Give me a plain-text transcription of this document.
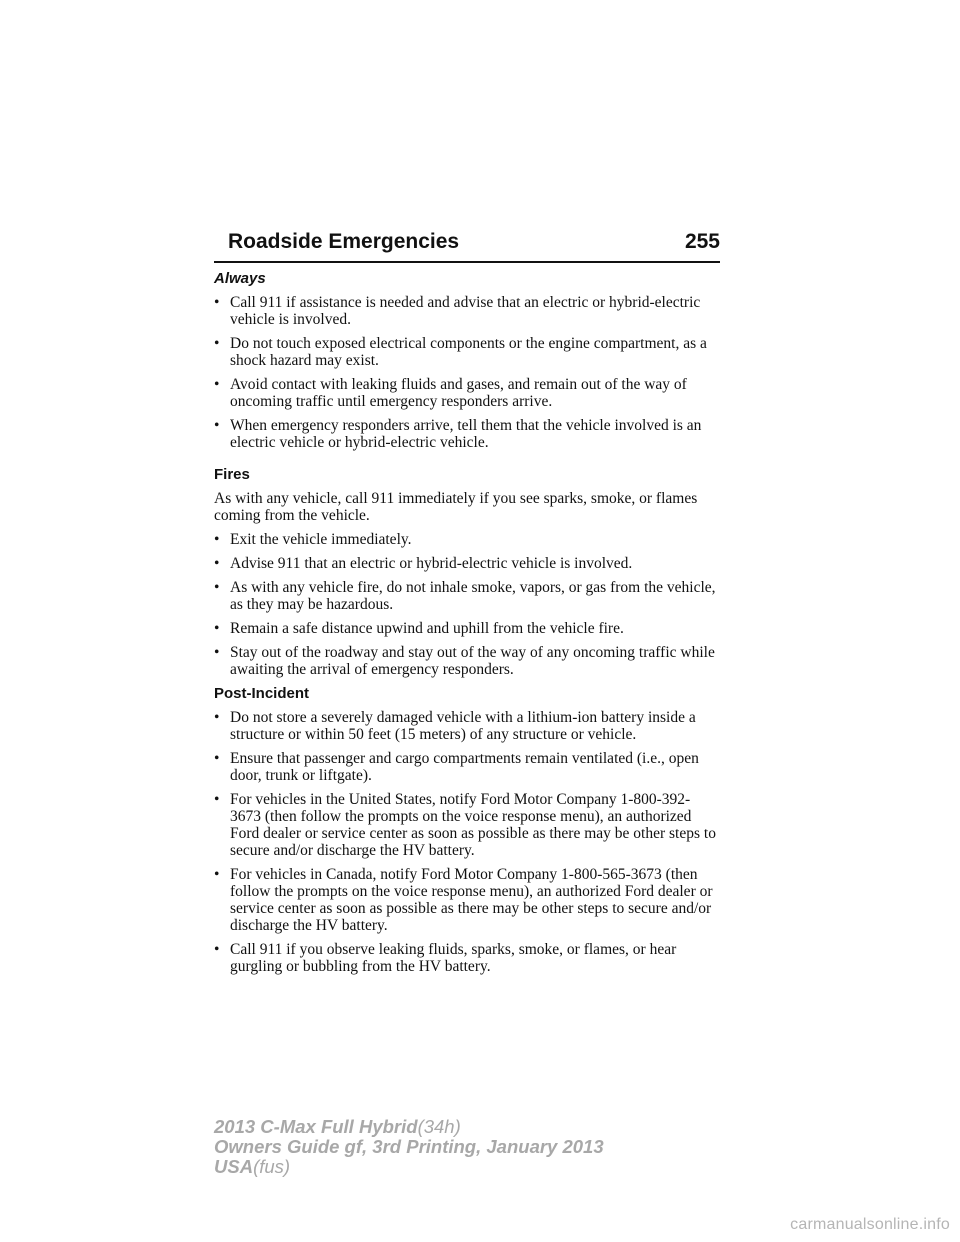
Roadside Emergencies	255
Always
• Call 911 if assistance is needed and advise that an electric or hybrid-electric vehicle is involved.
• Do not touch exposed electrical components or the engine compartment, as a shock hazard may exist.
• Avoid contact with leaking fluids and gases, and remain out of the way of oncoming traffic until emergency responders arrive.
• When emergency responders arrive, tell them that the vehicle involved is an electric vehicle or hybrid-electric vehicle.
Fires
As with any vehicle, call 911 immediately if you see sparks, smoke, or flames coming from the vehicle.
• Exit the vehicle immediately.
• Advise 911 that an electric or hybrid-electric vehicle is involved.
• As with any vehicle fire, do not inhale smoke, vapors, or gas from the vehicle, as they may be hazardous.
• Remain a safe distance upwind and uphill from the vehicle fire.
• Stay out of the roadway and stay out of the way of any oncoming traffic while awaiting the arrival of emergency responders.
Post-Incident
• Do not store a severely damaged vehicle with a lithium-ion battery inside a structure or within 50 feet (15 meters) of any structure or vehicle.
• Ensure that passenger and cargo compartments remain ventilated (i.e., open door, trunk or liftgate).
• For vehicles in the United States, notify Ford Motor Company 1-800-392-3673 (then follow the prompts on the voice response menu), an authorized Ford dealer or service center as soon as possible as there may be other steps to secure and/or discharge the HV battery.
• For vehicles in Canada, notify Ford Motor Company 1-800-565-3673 (then follow the prompts on the voice response menu), an authorized Ford dealer or service center as soon as possible as there may be other steps to secure and/or discharge the HV battery.
• Call 911 if you observe leaking fluids, sparks, smoke, or flames, or hear gurgling or bubbling from the HV battery.
2013 C-Max Full Hybrid(34h)
Owners Guide gf, 3rd Printing, January 2013
USA(fus)
carmanualsonline.info
